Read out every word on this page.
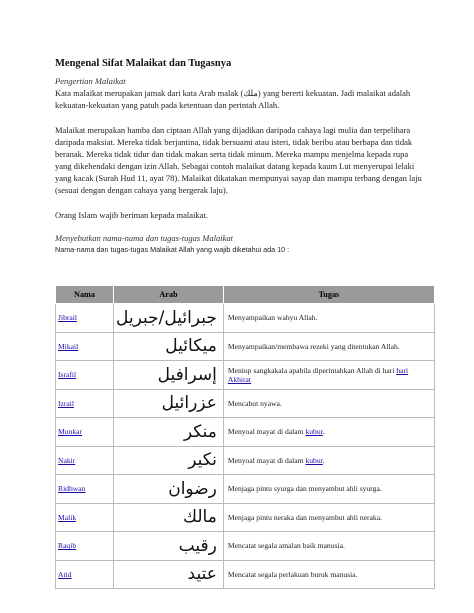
Mengenal Sifat Malaikat dan Tugasnya
Pengertian Malaikat
Kata malaikat merupakan jamak dari kata Arab malak (ملك) yang bererti kekuatan. Jadi malaikat adalah kekuatan-kekuatan yang patuh pada ketentuan dan perintah Allah.
Malaikat merupakan hamba dan ciptaan Allah yang dijadikan daripada cahaya lagi mulia dan terpelihara daripada maksiat. Mereka tidak berjantina, tidak bersuami atau isteri, tidak beribu atau berbapa dan tidak beranak. Mereka tidak tidur dan tidak makan serta tidak minum. Mereka mampu menjelma kepada rupa yang dikehendaki dengan izin Allah. Sebagai contoh malaikat datang kepada kaum Lut menyerupai lelaki yang kacak (Surah Hud 11, ayat 78). Malaikat dikatakan mempunyai sayap dan mampu terbang dengan laju (sesuai dengan dengan cahaya yang bergerak laju).
Orang Islam wajib beriman kepada malaikat.
Menyebutkan nama-nama dan tugas-tugas Malaikat
Nama-nama dan tugas-tugas Malaikat Allah yang wajib diketahui ada 10 :
Nama	Arab	Tugas
Jibrail	جبرائيل/جبريل	Menyampaikan wahyu Allah.
Mikail	ميكائيل	Menyampaikan/membawa rezeki yang ditentukan Allah.
Israfil	إسرافيل	Meniup sangkakala apabila diperintahkan Allah di hari hari Akhirat
Izrail	عزرائيل	Mencabut nyawa.
Munkar	منكر	Menyoal mayat di dalam kubur.
Nakir	نكير	Menyoal mayat di dalam kubur.
Ridhwan	رضوان	Menjaga pintu syurga dan menyambut ahli syurga.
Malik	مالك	Menjaga pintu neraka dan menyambut ahli neraka.
Raqib	رقيب	Mencatat segala amalan baik manusia.
Atid	عتيد	Mencatat segala perlakuan buruk manusia.
